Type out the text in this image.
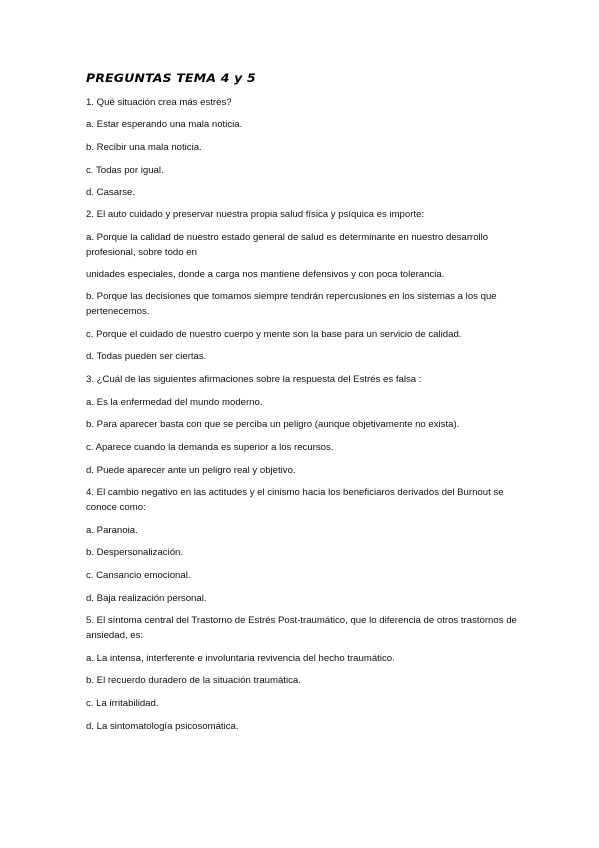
PREGUNTAS TEMA 4 y 5
1. Qué situación crea más estrés?
a. Estar esperando una mala noticia.
b. Recibir una mala noticia.
c. Todas por igual.
d. Casarse.
2. El auto cuidado y preservar nuestra propia salud física y psíquica es importe:
a. Porque la calidad de nuestro estado general de salud es determinante en nuestro desarrollo profesional, sobre todo en
unidades especiales, donde a carga nos mantiene defensivos y con poca tolerancia.
b. Porque las decisiones que tomamos siempre tendrán repercusiones en los sistemas a los que pertenecemos.
c. Porque el cuidado de nuestro cuerpo y mente son la base para un servicio de calidad.
d. Todas pueden ser ciertas.
3. ¿Cuál de las siguientes afirmaciones sobre la respuesta del Estrés es falsa :
a. Es la enfermedad del mundo moderno.
b. Para aparecer basta con que se perciba un peligro (aunque objetivamente no exista).
c. Aparece cuando la demanda es superior a los recursos.
d. Puede aparecer ante un peligro real y objetivo.
4. El cambio negativo en las actitudes y el cinismo hacia los beneficiaros derivados del Burnout se conoce como:
a. Paranoia.
b. Despersonalización.
c. Cansancio emocional.
d. Baja realización personal.
5. El síntoma central del Trastorno de Estrés Post-traumático, que lo diferencia de otros trastornos de ansiedad, es:
a. La intensa, interferente e involuntaria revivencia del hecho traumático.
b. El recuerdo duradero de la situación traumática.
c. La irritabilidad.
d. La sintomatología psicosomática.
